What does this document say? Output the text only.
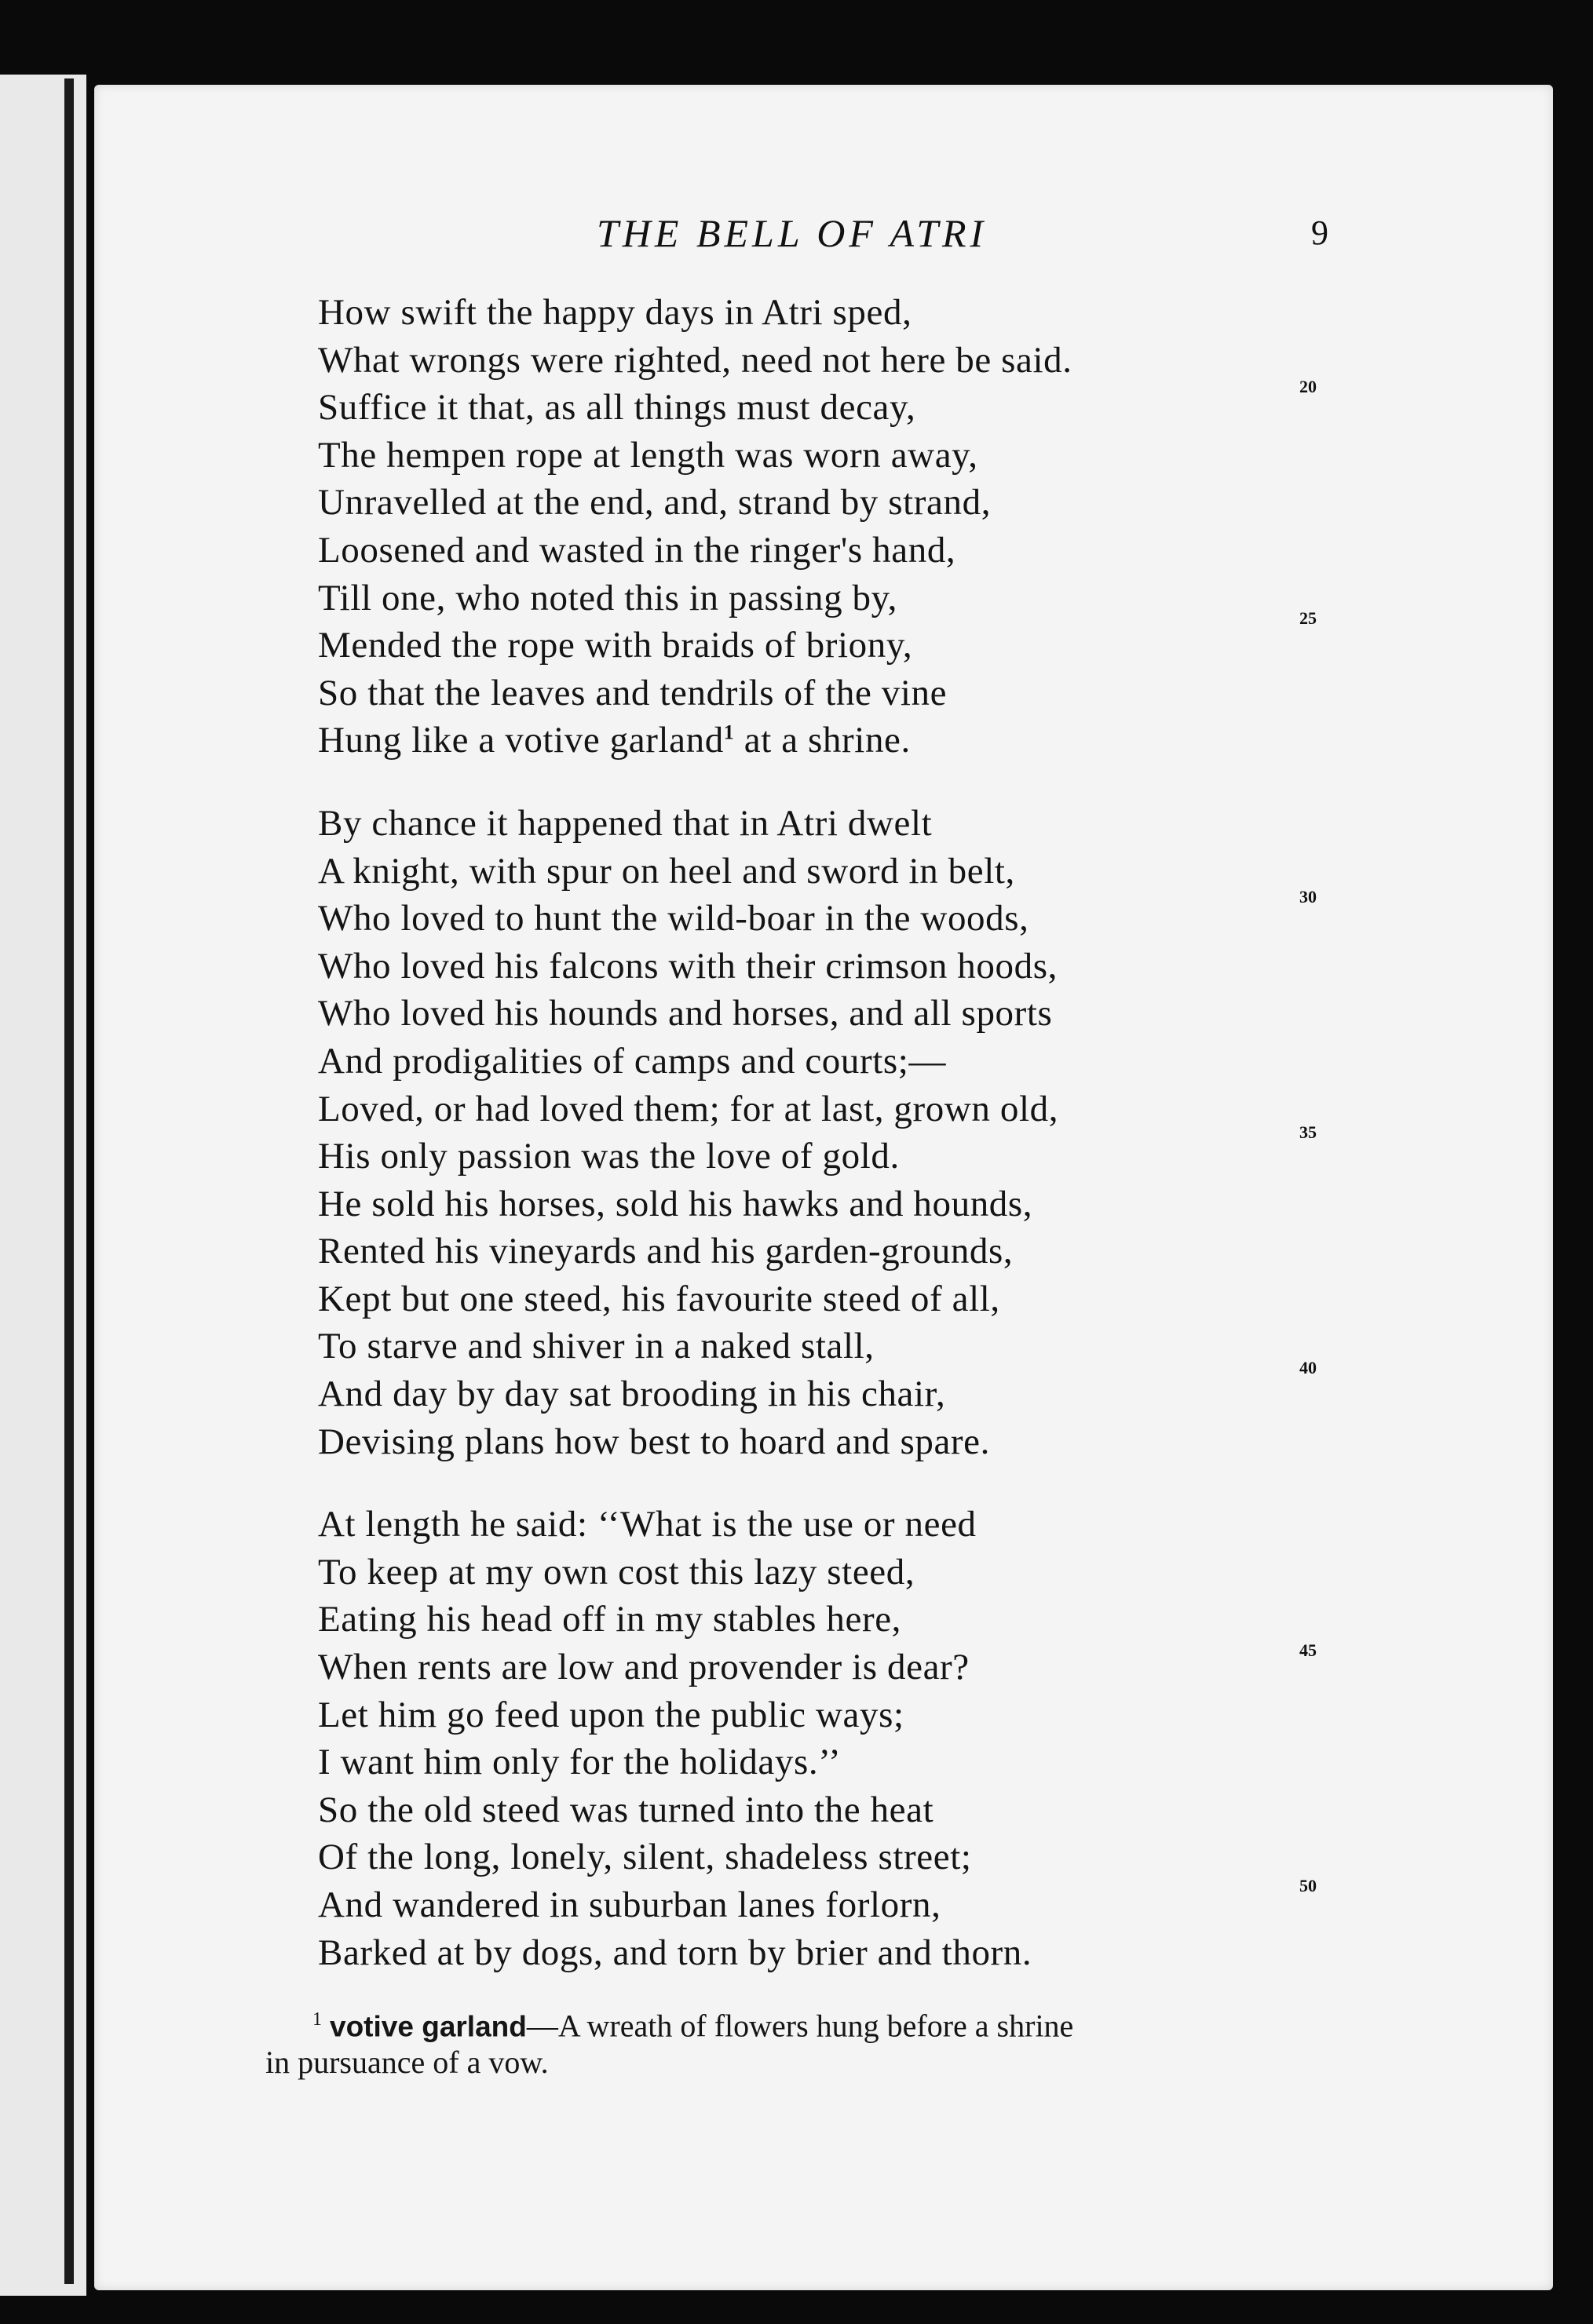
THE BELL OF ATRI	9
How swift the happy days in Atri sped,
What wrongs were righted, need not here be said.
Suffice it that, as all things must decay,
The hempen rope at length was worn away,
Unravelled at the end, and, strand by strand,
Loosened and wasted in the ringer's hand,
Till one, who noted this in passing by,
Mended the rope with braids of briony,
So that the leaves and tendrils of the vine
Hung like a votive garland$^1$ at a shrine.
By chance it happened that in Atri dwelt
A knight, with spur on heel and sword in belt,
Who loved to hunt the wild-boar in the woods,
Who loved his falcons with their crimson hoods,
Who loved his hounds and horses, and all sports
And prodigalities of camps and courts;—
Loved, or had loved them; for at last, grown old,
His only passion was the love of gold.
He sold his horses, sold his hawks and hounds,
Rented his vineyards and his garden-grounds,
Kept but one steed, his favourite steed of all,
To starve and shiver in a naked stall,
And day by day sat brooding in his chair,
Devising plans how best to hoard and spare.
At length he said: ‘‘What is the use or need
To keep at my own cost this lazy steed,
Eating his head off in my stables here,
When rents are low and provender is dear?
Let him go feed upon the public ways;
I want him only for the holidays.’’
So the old steed was turned into the heat
Of the long, lonely, silent, shadeless street;
And wandered in suburban lanes forlorn,
Barked at by dogs, and torn by brier and thorn.
20
25
30
35
40
45
50
$^1$ votive garland—A wreath of flowers hung before a shrine
in pursuance of a vow.
